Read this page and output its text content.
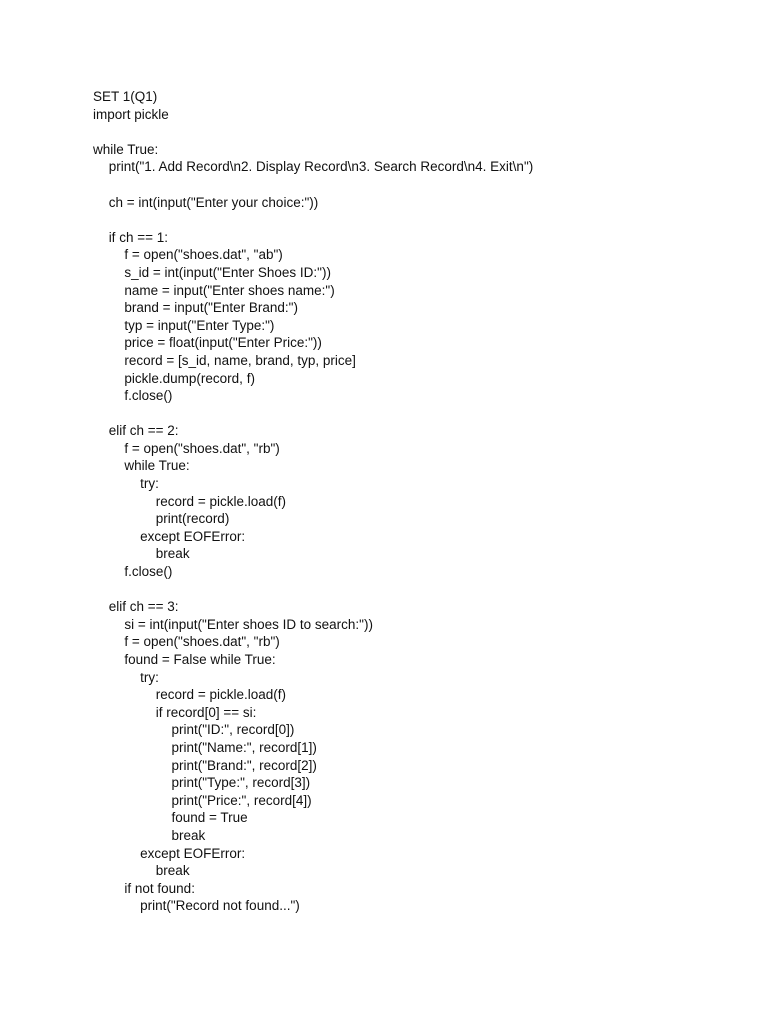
SET 1(Q1)
import pickle
while True:
print("1. Add Record\n2. Display Record\n3. Search Record\n4. Exit\n")
ch = int(input("Enter your choice:"))
if ch == 1:
f = open("shoes.dat", "ab")
s_id = int(input("Enter Shoes ID:"))
name = input("Enter shoes name:")
brand = input("Enter Brand:")
typ = input("Enter Type:")
price = float(input("Enter Price:"))
record = [s_id, name, brand, typ, price]
pickle.dump(record, f)
f.close()
elif ch == 2:
f = open("shoes.dat", "rb")
while True:
try:
record = pickle.load(f)
print(record)
except EOFError:
break
f.close()
elif ch == 3:
si = int(input("Enter shoes ID to search:"))
f = open("shoes.dat", "rb")
found = False while True:
try:
record = pickle.load(f)
if record[0] == si:
print("ID:", record[0])
print("Name:", record[1])
print("Brand:", record[2])
print("Type:", record[3])
print("Price:", record[4])
found = True
break
except EOFError:
break
if not found:
print("Record not found...")
